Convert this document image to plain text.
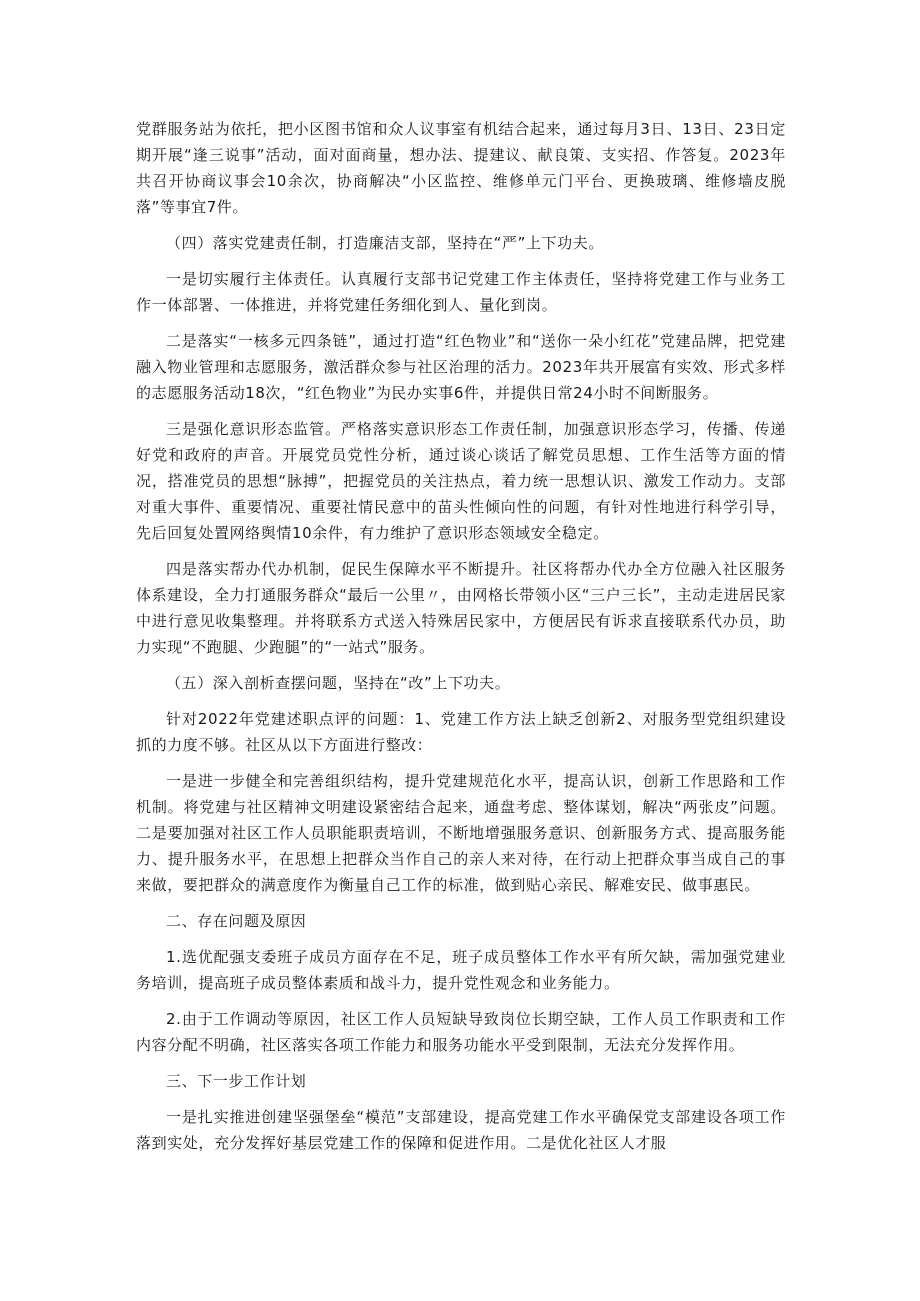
党群服务站为依托，把小区图书馆和众人议事室有机结合起来，通过每月3日、13日、23日定期开展“逢三说事”活动，面对面商量，想办法、提建议、献良策、支实招、作答复。2023年共召开协商议事会10余次，协商解决“小区监控、维修单元门平台、更换玻璃、维修墙皮脱落”等事宜7件。

（四）落实党建责任制，打造廉洁支部，坚持在“严”上下功夫。

一是切实履行主体责任。认真履行支部书记党建工作主体责任，坚持将党建工作与业务工作一体部署、一体推进，并将党建任务细化到人、量化到岗。

二是落实“一核多元四条链”，通过打造“红色物业”和“送你一朵小红花”党建品牌，把党建融入物业管理和志愿服务，激活群众参与社区治理的活力。2023年共开展富有实效、形式多样的志愿服务活动18次，“红色物业”为民办实事6件，并提供日常24小时不间断服务。

三是强化意识形态监管。严格落实意识形态工作责任制，加强意识形态学习，传播、传递好党和政府的声音。开展党员党性分析，通过谈心谈话了解党员思想、工作生活等方面的情况，搭准党员的思想“脉搏”，把握党员的关注热点，着力统一思想认识、激发工作动力。支部对重大事件、重要情况、重要社情民意中的苗头性倾向性的问题，有针对性地进行科学引导，先后回复处置网络舆情10余件，有力维护了意识形态领域安全稳定。

四是落实帮办代办机制，促民生保障水平不断提升。社区将帮办代办全方位融入社区服务体系建设，全力打通服务群众“最后一公里〃，由网格长带领小区“三户三长”，主动走进居民家中进行意见收集整理。并将联系方式送入特殊居民家中，方便居民有诉求直接联系代办员，助力实现“不跑腿、少跑腿”的“一站式”服务。

（五）深入剖析查摆问题，坚持在“改”上下功夫。

针对2022年党建述职点评的问题：1、党建工作方法上缺乏创新2、对服务型党组织建设抓的力度不够。社区从以下方面进行整改：

一是进一步健全和完善组织结构，提升党建规范化水平，提高认识，创新工作思路和工作机制。将党建与社区精神文明建设紧密结合起来，通盘考虑、整体谋划，解决“两张皮”问题。二是要加强对社区工作人员职能职责培训，不断地增强服务意识、创新服务方式、提高服务能力、提升服务水平，在思想上把群众当作自己的亲人来对待，在行动上把群众事当成自己的事来做，要把群众的满意度作为衡量自己工作的标准，做到贴心亲民、解难安民、做事惠民。

二、存在问题及原因

1.选优配强支委班子成员方面存在不足，班子成员整体工作水平有所欠缺，需加强党建业务培训，提高班子成员整体素质和战斗力，提升党性观念和业务能力。

2.由于工作调动等原因，社区工作人员短缺导致岗位长期空缺，工作人员工作职责和工作内容分配不明确，社区落实各项工作能力和服务功能水平受到限制，无法充分发挥作用。

三、下一步工作计划

一是扎实推进创建坚强堡垒“模范”支部建设，提高党建工作水平确保党支部建设各项工作落到实处，充分发挥好基层党建工作的保障和促进作用。二是优化社区人才服
